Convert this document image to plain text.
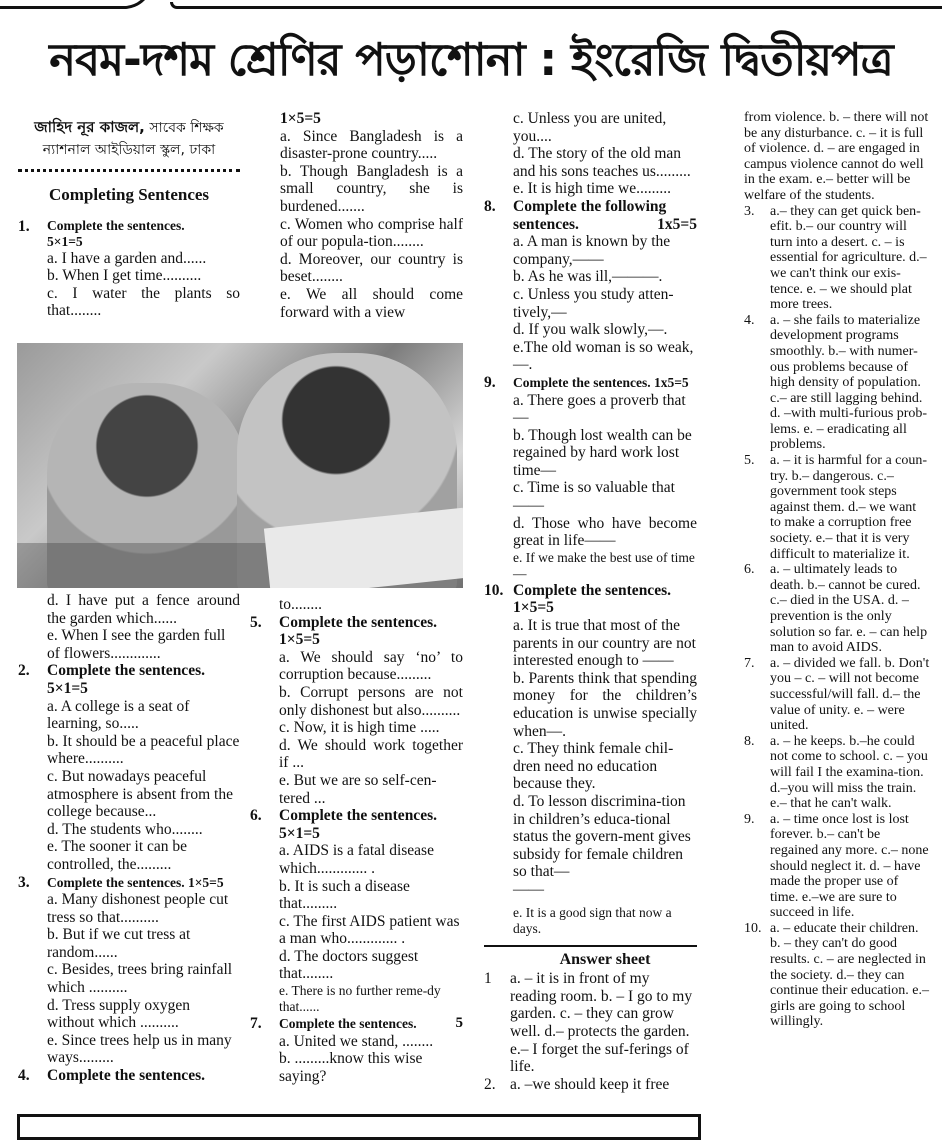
নবম-দশম শ্রেণির পড়াশোনা : ইংরেজি দ্বিতীয়পত্র
জাহিদ নূর কাজল, সাবেক শিক্ষক
ন্যাশনাল আইডিয়াল স্কুল, ঢাকা
Completing Sentences
1. Complete the sentences.
5×1=5
a. I have a garden and......
b. When I get time..........
c. I water the plants so that........
d. I have put a fence around the garden which......
e. When I see the garden full of flowers.............
2. Complete the sentences.
5×1=5
a. A college is a seat of learning, so.....
b. It should be a peaceful place where..........
c. But nowadays peaceful atmosphere is absent from the college because...
d. The students who........
e. The sooner it can be controlled, the.........
3. Complete the sentences. 1×5=5
a. Many dishonest people cut tress so that..........
b. But if we cut tress at random......
c. Besides, trees bring rainfall which ..........
d. Tress supply oxygen without which ..........
e. Since trees help us in many ways.........
4. Complete the sentences.
1×5=5
a. Since Bangladesh is a disaster-prone country.....
b. Though Bangladesh is a small country, she is burdened.......
c. Women who comprise half of our popula-tion........
d. Moreover, our country is beset........
e. We all should come forward with a view
to........
5. Complete the sentences.
1×5=5
a. We should say ‘no’ to corruption because.........
b. Corrupt persons are not only dishonest but also..........
c. Now, it is high time .....
d. We should work together if ...
e. But we are so self-cen-tered ...
6. Complete the sentences.
5×1=5
a. AIDS is a fatal disease which............. .
b. It is such a disease that.........
c. The first AIDS patient was a man who............. .
d. The doctors suggest that........
e. There is no further reme-dy that......
7. Complete the sentences.	5
a. United we stand, ........
b. .........know this wise saying?
c. Unless you are united, you....
d. The story of the old man and his sons teaches us.........
e. It is high time we.........
8. Complete the following sentences.	1x5=5
a. A man is known by the company,——
b. As he was ill,———.
c. Unless you study atten-tively,—
d. If you walk slowly,—.
e.The old woman is so weak,—.
9. Complete the sentences. 1x5=5
a. There goes a proverb that—
b. Though lost wealth can be regained by hard work lost time—
c. Time is so valuable that——
d. Those who have become great in life——
e. If we make the best use of time—
10. Complete the sentences.
1×5=5
a. It is true that most of the parents in our country are not interested enough to ——
b. Parents think that spending money for the children’s education is unwise specially when—.
c. They think female chil-dren need no education because they.
d. To lesson discrimina-tion in children’s educa-tional status the govern-ment gives subsidy for female children so that—
——
e. It is a good sign that now a days.
Answer sheet
1 a. – it is in front of my reading room. b. – I go to my garden. c. – they can grow well. d.– protects the garden. e.– I forget the suf-ferings of life.
2. a. –we should keep it free
from violence. b. – there will not be any disturbance. c. – it is full of violence. d. – are engaged in campus violence cannot do well in the exam. e.– better will be welfare of the students.
3. a.– they can get quick ben-efit. b.– our country will turn into a desert. c. – is essential for agriculture. d.– we can't think our exis-tence. e. – we should plat more trees.
4. a. – she fails to materialize development programs smoothly. b.– with numer-ous problems because of high density of population. c.– are still lagging behind. d. –with multi-furious prob-lems. e. – eradicating all problems.
5. a. – it is harmful for a coun-try. b.– dangerous. c.– government took steps against them. d.– we want to make a corruption free society. e.– that it is very difficult to materialize it.
6. a. – ultimately leads to death. b.– cannot be cured. c.– died in the USA. d. – prevention is the only solution so far. e. – can help man to avoid AIDS.
7. a. – divided we fall. b. Don't you – c. – will not become successful/will fall. d.– the value of unity. e. – were united.
8. a. – he keeps. b.–he could not come to school. c. – you will fail I the examina-tion. d.–you will miss the train. e.– that he can't walk.
9. a. – time once lost is lost forever. b.– can't be regained any more. c.– none should neglect it. d. – have made the proper use of time. e.–we are sure to succeed in life.
10. a. – educate their children. b. – they can't do good results. c. – are neglected in the society. d.– they can continue their education. e.– girls are going to school willingly.
